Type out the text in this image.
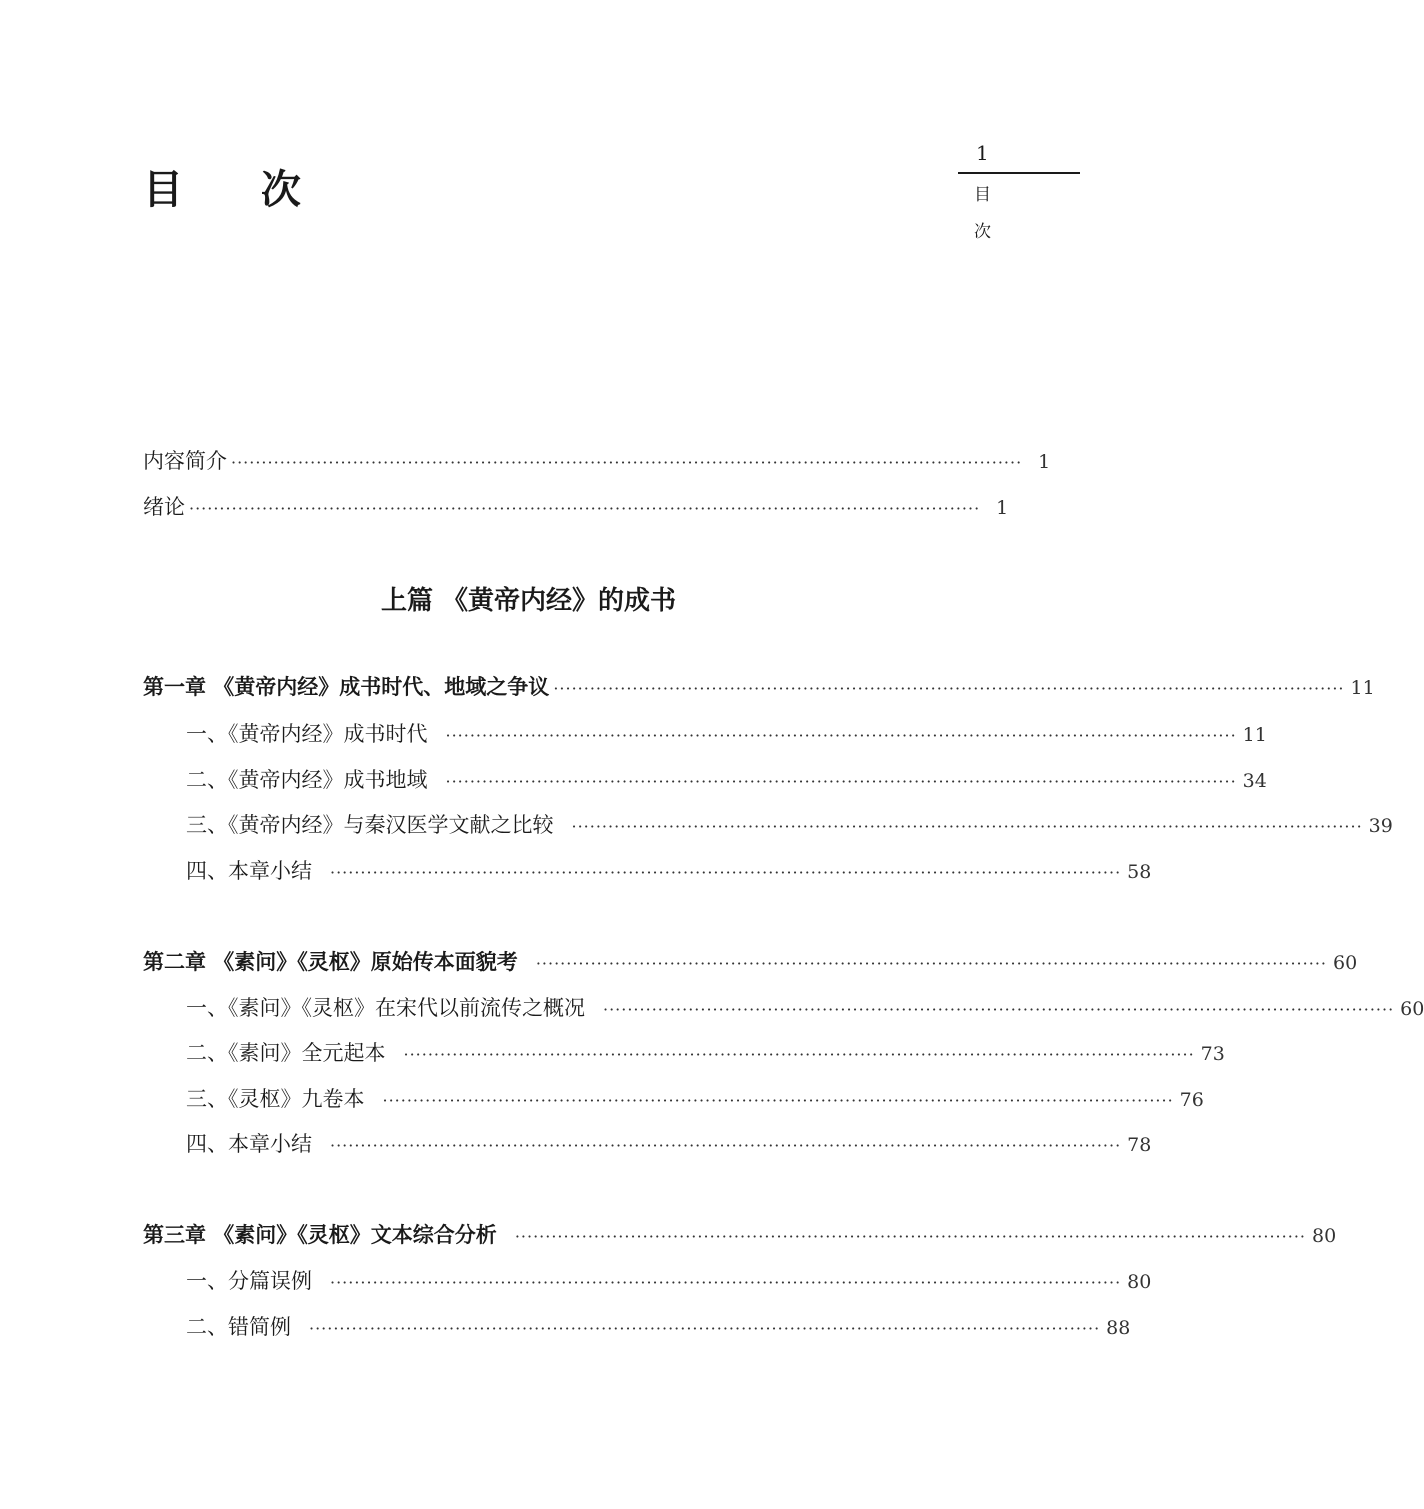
目 次
1
目
次
内容简介 ·································································································································· 1
绪论 ·································································································································· 1
上篇 《黄帝内经》的成书
第一章 《黄帝内经》成书时代、地域之争议 ·································································································································· 11
一、《黄帝内经》成书时代 ·································································································································· 11
二、《黄帝内经》成书地域 ·································································································································· 34
三、《黄帝内经》与秦汉医学文献之比较 ·································································································································· 39
四、本章小结 ·································································································································· 58
第二章 《素问》《灵枢》原始传本面貌考 ·································································································································· 60
一、《素问》《灵枢》在宋代以前流传之概况 ·································································································································· 60
二、《素问》全元起本 ·································································································································· 73
三、《灵枢》九卷本 ·································································································································· 76
四、本章小结 ·································································································································· 78
第三章 《素问》《灵枢》文本综合分析 ·································································································································· 80
一、分篇误例 ·································································································································· 80
二、错简例 ·································································································································· 88
